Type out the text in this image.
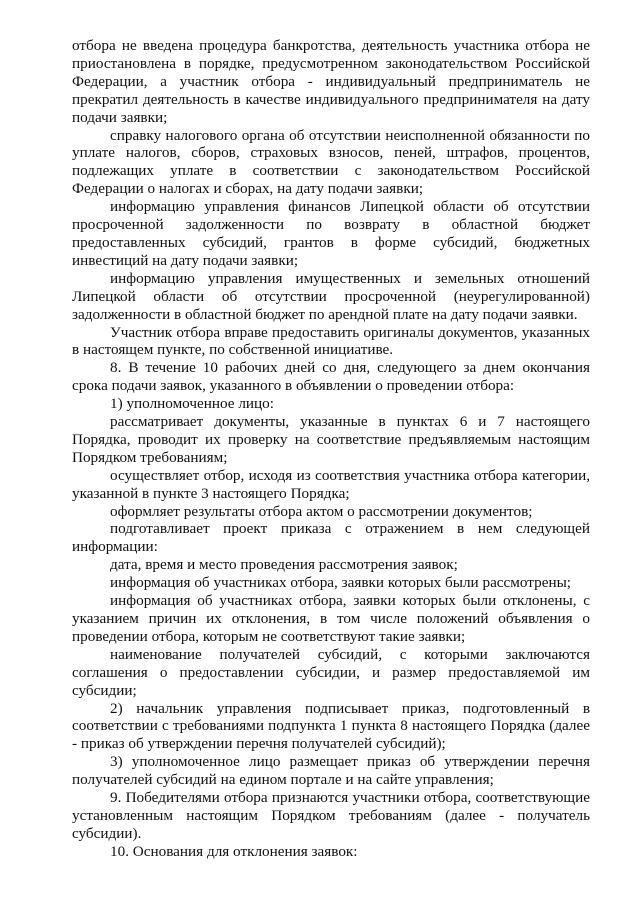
отбора не введена процедура банкротства, деятельность участника отбора не приостановлена в порядке, предусмотренном законодательством Российской Федерации, а участник отбора - индивидуальный предприниматель не прекратил деятельность в качестве индивидуального предпринимателя на дату подачи заявки;

справку налогового органа об отсутствии неисполненной обязанности по уплате налогов, сборов, страховых взносов, пеней, штрафов, процентов, подлежащих уплате в соответствии с законодательством Российской Федерации о налогах и сборах, на дату подачи заявки;

информацию управления финансов Липецкой области об отсутствии просроченной задолженности по возврату в областной бюджет предоставленных субсидий, грантов в форме субсидий, бюджетных инвестиций на дату подачи заявки;

информацию управления имущественных и земельных отношений Липецкой области об отсутствии просроченной (неурегулированной) задолженности в областной бюджет по арендной плате на дату подачи заявки.

Участник отбора вправе предоставить оригиналы документов, указанных в настоящем пункте, по собственной инициативе.

8. В течение 10 рабочих дней со дня, следующего за днем окончания срока подачи заявок, указанного в объявлении о проведении отбора:

1) уполномоченное лицо:

рассматривает документы, указанные в пунктах 6 и 7 настоящего Порядка, проводит их проверку на соответствие предъявляемым настоящим Порядком требованиям;

осуществляет отбор, исходя из соответствия участника отбора категории, указанной в пункте 3 настоящего Порядка;

оформляет результаты отбора актом о рассмотрении документов;

подготавливает проект приказа с отражением в нем следующей информации:

дата, время и место проведения рассмотрения заявок;

информация об участниках отбора, заявки которых были рассмотрены;

информация об участниках отбора, заявки которых были отклонены, с указанием причин их отклонения, в том числе положений объявления о проведении отбора, которым не соответствуют такие заявки;

наименование получателей субсидий, с которыми заключаются соглашения о предоставлении субсидии, и размер предоставляемой им субсидии;

2) начальник управления подписывает приказ, подготовленный в соответствии с требованиями подпункта 1 пункта 8 настоящего Порядка (далее - приказ об утверждении перечня получателей субсидий);

3) уполномоченное лицо размещает приказ об утверждении перечня получателей субсидий на едином портале и на сайте управления;

9. Победителями отбора признаются участники отбора, соответствующие установленным настоящим Порядком требованиям (далее - получатель субсидии).

10. Основания для отклонения заявок:
